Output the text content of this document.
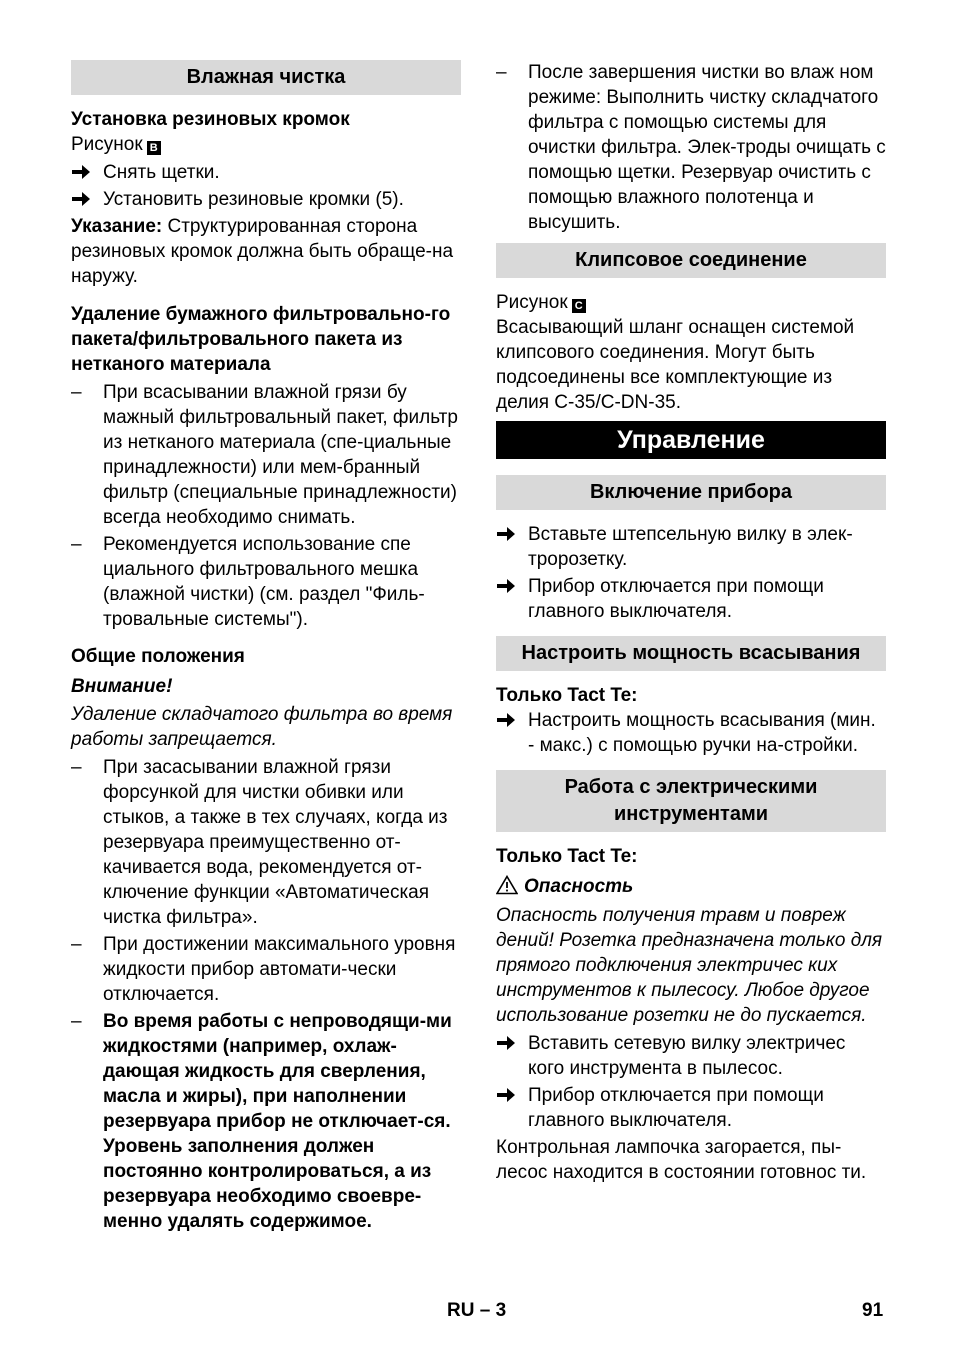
Влажная чистка

Установка резиновых кромок

Рисунок B

Снять щетки.
Установить резиновые кромки (5).

Указание: Структурированная сторона резиновых кромок должна быть обраще-на наружу.

Удаление бумажного фильтровально-го пакета/фильтровального пакета из нетканого материала

–	При всасывании влажной грязи бу мажный фильтровальный пакет, фильтр из нетканого материала (спе-циальные принадлежности) или мем-бранный фильтр (специальные принадлежности) всегда необходимо снимать.
–	Рекомендуется использование спе циального фильтровального мешка (влажной чистки) (см. раздел "Филь-тровальные системы").

Общие положения

Внимание!

Удаление складчатого фильтра во время работы запрещается.

–	При засасывании влажной грязи форсункой для чистки обивки или стыков, а также в тех случаях, когда из резервуара преимущественно от-качивается вода, рекомендуется от-ключение функции «Автоматическая чистка фильтра».
–	При достижении максимального уровня жидкости прибор автомати-чески отключается.
–	Во время работы с непроводящи-ми жидкостями (например, охлаж-дающая жидкость для сверления, масла и жиры), при наполнении резервуара прибор не отключает-ся. Уровень заполнения должен постоянно контролироваться, а из резервуара необходимо своевре-менно удалять содержимое.
–	После завершения чистки во влаж ном режиме: Выполнить чистку складчатого фильтра с помощью системы для очистки фильтра. Элек-троды очищать с помощью щетки. Резервуар очистить с помощью влажного полотенца и высушить.
Клипсовое соединение

Рисунок C

Всасывающий шланг оснащен системой клипсового соединения. Могут быть подсоединены все комплектующие из делия C-35/C-DN-35.

Управление
Включение прибора
Вставьте штепсельную вилку в элек-тророзетку.
Прибор отключается при помощи главного выключателя.
Настроить мощность всасывания

Только Tact Te:

Настроить мощность всасывания (мин. - макс.) с помощью ручки на-стройки.
Работа с электрическими инструментами

Только Tact Te:

Опасность

Опасность получения травм и повреж дений! Розетка предназначена только для прямого подключения электричес ких инструментов к пылесосу. Любое другое использование розетки не до пускается.

Вставить сетевую вилку электричес кого инструмента в пылесос.
Прибор отключается при помощи главного выключателя.

Контрольная лампочка загорается, пы-лесос находится в состоянии готовнос ти.

RU – 3	91
